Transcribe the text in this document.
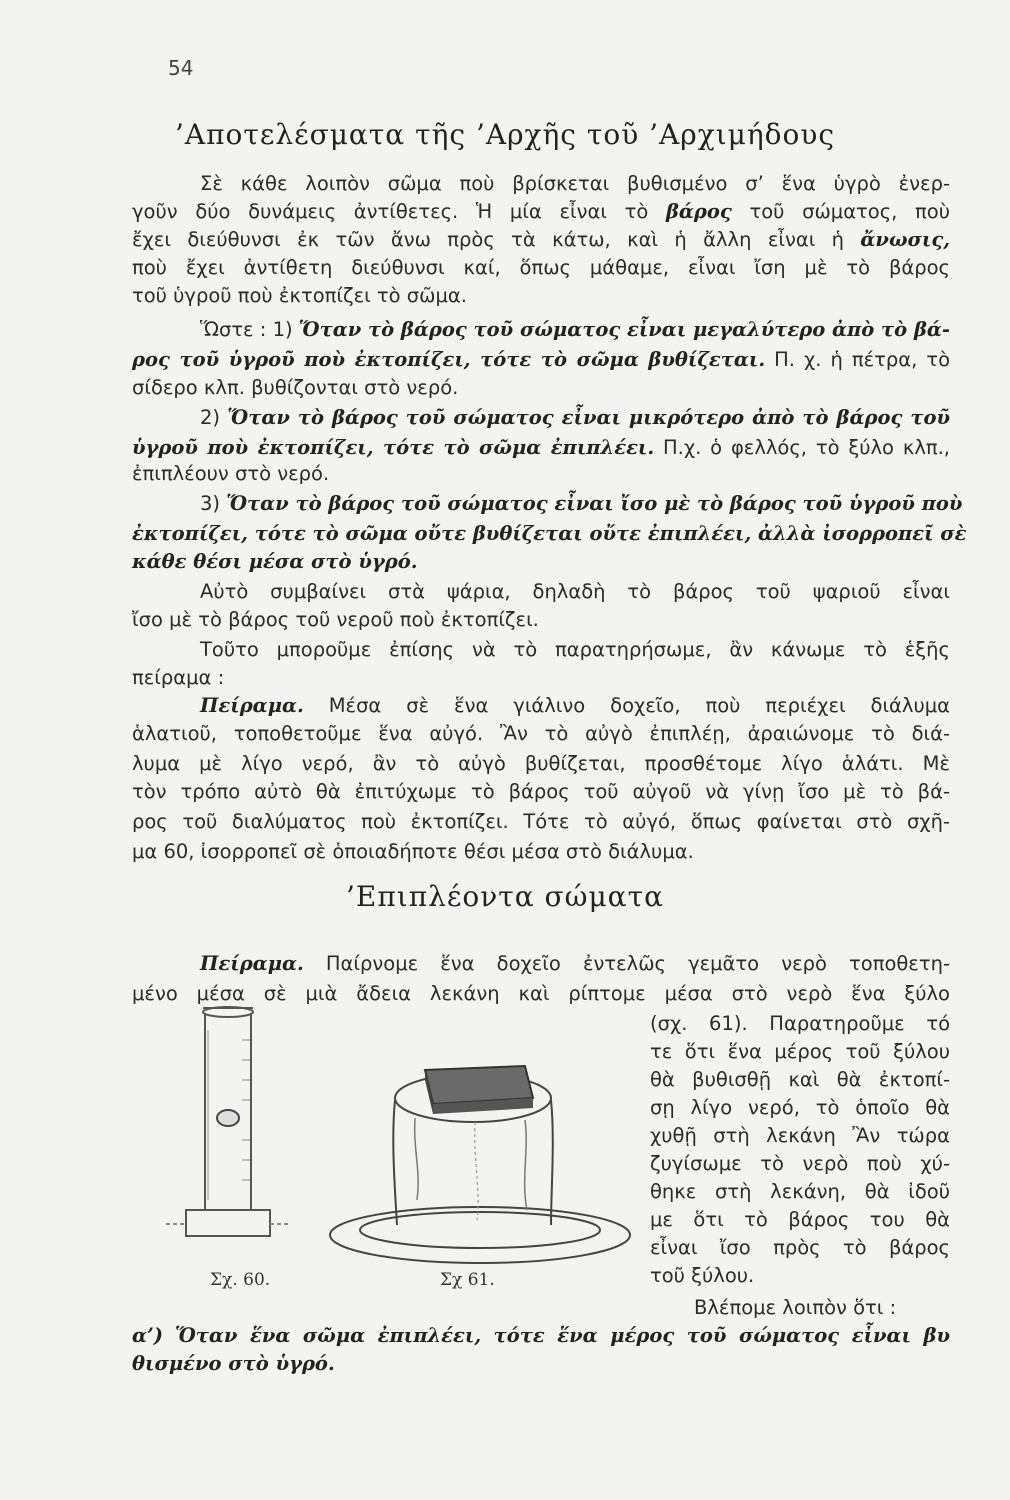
54
’Αποτελέσματα τῆς ’Αρχῆς τοῦ ’Αρχιμήδους
Σὲ κάθε λοιπὸν σῶμα ποὺ βρίσκεται βυθισμένο σ’ ἕνα ὑγρὸ ἐνερ-
γοῦν δύο δυνάμεις ἀντίθετες. Ἡ μία εἶναι τὸ βάρος τοῦ σώματος, ποὺ
ἔχει διεύθυνσι ἐκ τῶν ἄνω πρὸς τὰ κάτω, καὶ ἡ ἄλλη εἶναι ἡ ἄνωσις,
ποὺ ἔχει ἀντίθετη διεύθυνσι καί, ὅπως μάθαμε, εἶναι ἴση μὲ τὸ βάρος
τοῦ ὑγροῦ ποὺ ἐκτοπίζει τὸ σῶμα.
Ὥστε : 1) Ὅταν τὸ βάρος τοῦ σώματος εἶναι μεγαλύτερο ἀπὸ τὸ βά-
ρος τοῦ ὑγροῦ ποὺ ἐκτοπίζει, τότε τὸ σῶμα βυθίζεται. Π. χ. ἡ πέτρα, τὸ
σίδερο κλπ. βυθίζονται στὸ νερό.
2) Ὅταν τὸ βάρος τοῦ σώματος εἶναι μικρότερο ἀπὸ τὸ βάρος τοῦ
ὑγροῦ ποὺ ἐκτοπίζει, τότε τὸ σῶμα ἐπιπλέει. Π.χ. ὁ φελλός, τὸ ξύλο κλπ.,
ἐπιπλέουν στὸ νερό.
3) Ὅταν τὸ βάρος τοῦ σώματος εἶναι ἴσο μὲ τὸ βάρος τοῦ ὑγροῦ ποὺ
ἐκτοπίζει, τότε τὸ σῶμα οὔτε βυθίζεται οὔτε ἐπιπλέει, ἀλλὰ ἰσορροπεῖ σὲ
κάθε θέσι μέσα στὸ ὑγρό.
Αὐτὸ συμβαίνει στὰ ψάρια, δηλαδὴ τὸ βάρος τοῦ ψαριοῦ εἶναι
ἴσο μὲ τὸ βάρος τοῦ νεροῦ ποὺ ἐκτοπίζει.
Τοῦτο μποροῦμε ἐπίσης νὰ τὸ παρατηρήσωμε, ἂν κάνωμε τὸ ἑξῆς
πείραμα :
Πείραμα. Μέσα σὲ ἕνα γιάλινο δοχεῖο, ποὺ περιέχει διάλυμα
ἁλατιοῦ, τοποθετοῦμε ἕνα αὐγό. Ἂν τὸ αὐγὸ ἐπιπλέῃ, ἀραιώνομε τὸ διά-
λυμα μὲ λίγο νερό, ἂν τὸ αὐγὸ βυθίζεται, προσθέτομε λίγο ἁλάτι. Μὲ
τὸν τρόπο αὐτὸ θὰ ἐπιτύχωμε τὸ βάρος τοῦ αὐγοῦ νὰ γίνῃ ἴσο μὲ τὸ βά-
ρος τοῦ διαλύματος ποὺ ἐκτοπίζει. Τότε τὸ αὐγό, ὅπως φαίνεται στὸ σχῆ-
μα 60, ἰσορροπεῖ σὲ ὁποιαδήποτε θέσι μέσα στὸ διάλυμα.
’Επιπλέοντα σώματα
Πείραμα. Παίρνομε ἕνα δοχεῖο ἐντελῶς γεμᾶτο νερὸ τοποθετη-
μένο μέσα σὲ μιὰ ἄδεια λεκάνη καὶ ρίπτομε μέσα στὸ νερὸ ἕνα ξύλο
(σχ. 61). Παρατηροῦμε τό
τε ὅτι ἕνα μέρος τοῦ ξύλου
θὰ βυθισθῇ καὶ θὰ ἐκτοπί-
σῃ λίγο νερό, τὸ ὁποῖο θὰ
χυθῇ στὴ λεκάνη Ἂν τώρα
ζυγίσωμε τὸ νερὸ ποὺ χύ-
θηκε στὴ λεκάνη, θὰ ἰδοῦ
με ὅτι τὸ βάρος του θὰ
εἶναι ἴσο πρὸς τὸ βάρος
τοῦ ξύλου.
Βλέπομε λοιπὸν ὅτι :
α’) Ὅταν ἕνα σῶμα ἐπιπλέει, τότε ἕνα μέρος τοῦ σώματος εἶναι βυ
θισμένο στὸ ὑγρό.
Σχ. 60.	Σχ 61.
